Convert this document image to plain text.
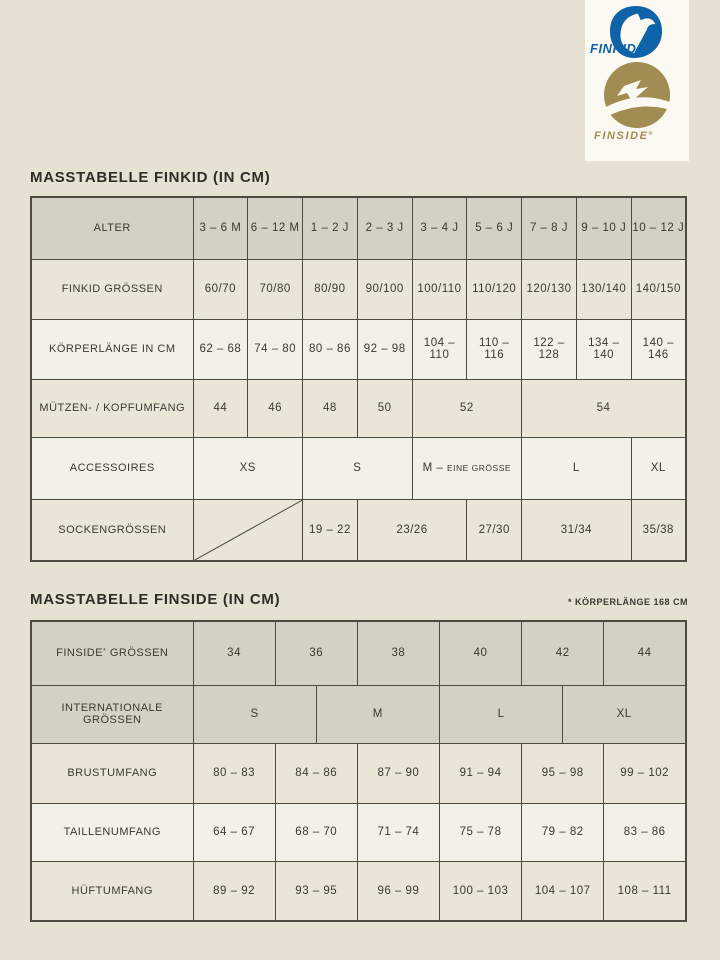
FINKID®
FINSIDE®
MASSTABELLE FINKID (IN CM)
ALTER	3 – 6 M	6 – 12 M	1 – 2 J	2 – 3 J	3 – 4 J	5 – 6 J	7 – 8 J	9 – 10 J	10 – 12 J
FINKID GRÖSSEN	60/70	70/80	80/90	90/100	100/110	110/120	120/130	130/140	140/150
KÖRPERLÄNGE IN CM	62 – 68	74 – 80	80 – 86	92 – 98	104 – 110	110 – 116	122 – 128	134 – 140	140 – 146
MÜTZEN- / KOPFUMFANG	44	46	48	50	52		54		
ACCESSOIRES	XS		S		M – EINE GRÖSSE		L		XL
SOCKENGRÖSSEN			19 – 22	23/26		27/30	31/34		35/38
MASSTABELLE FINSIDE (IN CM)	* KÖRPERLÄNGE 168 CM
FINSIDE* GRÖSSEN	34	36		38	40	42		44
INTERNATIONALE GRÖSSEN	S		M		L		XL	
BRUSTUMFANG	80 – 83	84 – 86		87 – 90	91 – 94	95 – 98		99 – 102
TAILLENUMFANG	64 – 67	68 – 70		71 – 74	75 – 78	79 – 82		83 – 86
HÜFTUMFANG	89 – 92	93 – 95		96 – 99	100 – 103	104 – 107		108 – 111
